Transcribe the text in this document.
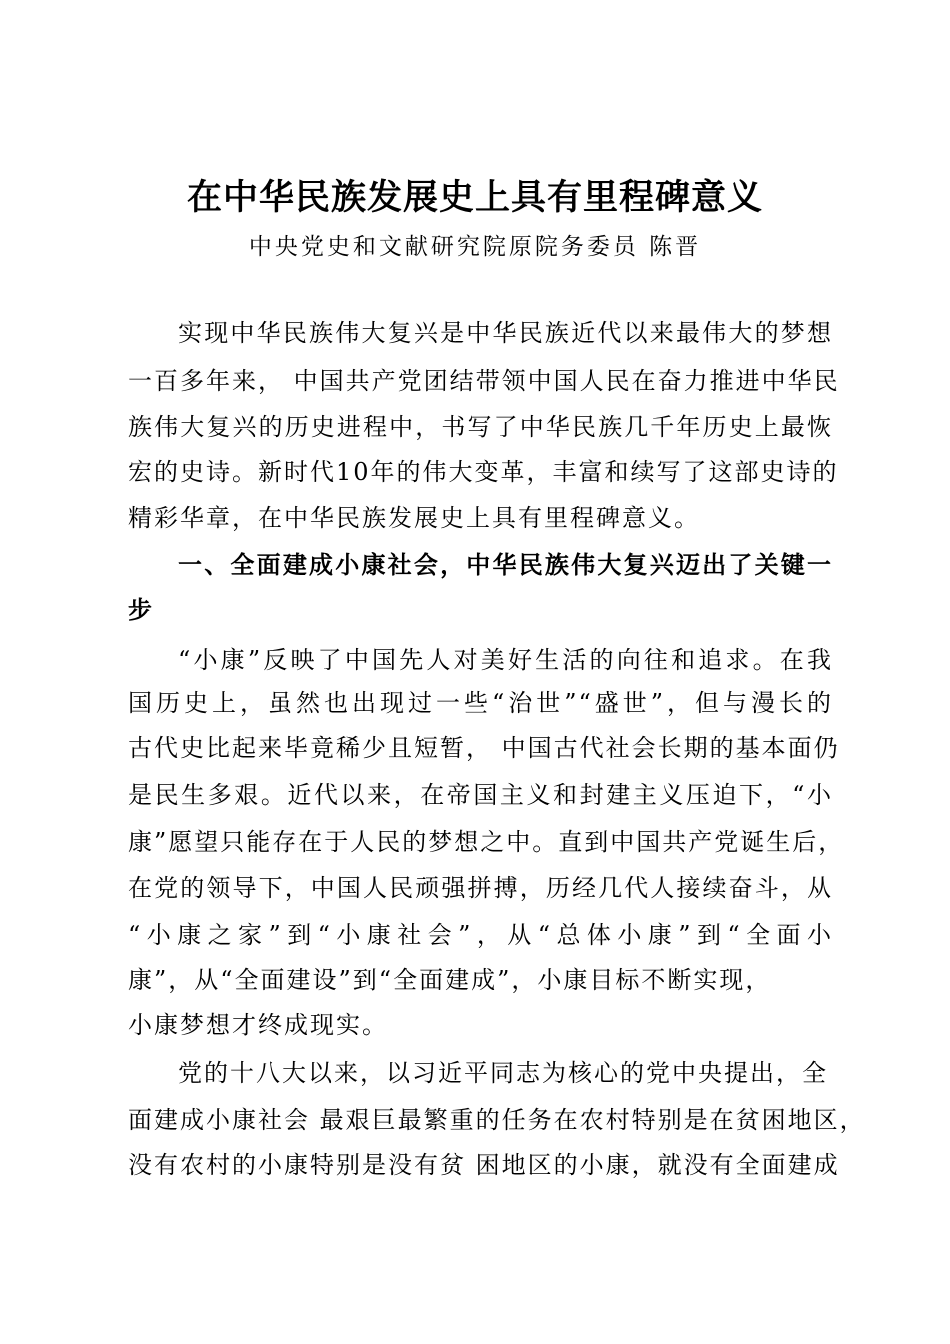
在中华民族发展史上具有里程碑意义
中央党史和文献研究院原院务委员 陈晋
实现中华民族伟大复兴是中华民族近代以来最伟大的梦想
一百多年来， 中国共产党团结带领中国人民在奋力推进中华民
族伟大复兴的历史进程中，书写了中华民族几千年历史上最恢
宏的史诗。新时代10年的伟大变革，丰富和续写了这部史诗的
精彩华章，在中华民族发展史上具有里程碑意义。
一、全面建成小康社会，中华民族伟大复兴迈出了关键一
步
“小康”反映了中国先人对美好生活的向往和追求。在我
国历史上，虽然也出现过一些“治世”“盛世”，但与漫长的
古代史比起来毕竟稀少且短暂， 中国古代社会长期的基本面仍
是民生多艰。近代以来，在帝国主义和封建主义压迫下，“小
康”愿望只能存在于人民的梦想之中。直到中国共产党诞生后，
在党的领导下，中国人民顽强拼搏，历经几代人接续奋斗，从
“小康之家”到“小康社会”，从“总体小康”到“全面小
康”，从“全面建设”到“全面建成”，小康目标不断实现，
小康梦想才终成现实。
党的十八大以来，以习近平同志为核心的党中央提出，全
面建成小康社会 最艰巨最繁重的任务在农村特别是在贫困地区，
没有农村的小康特别是没有贫 困地区的小康，就没有全面建成
